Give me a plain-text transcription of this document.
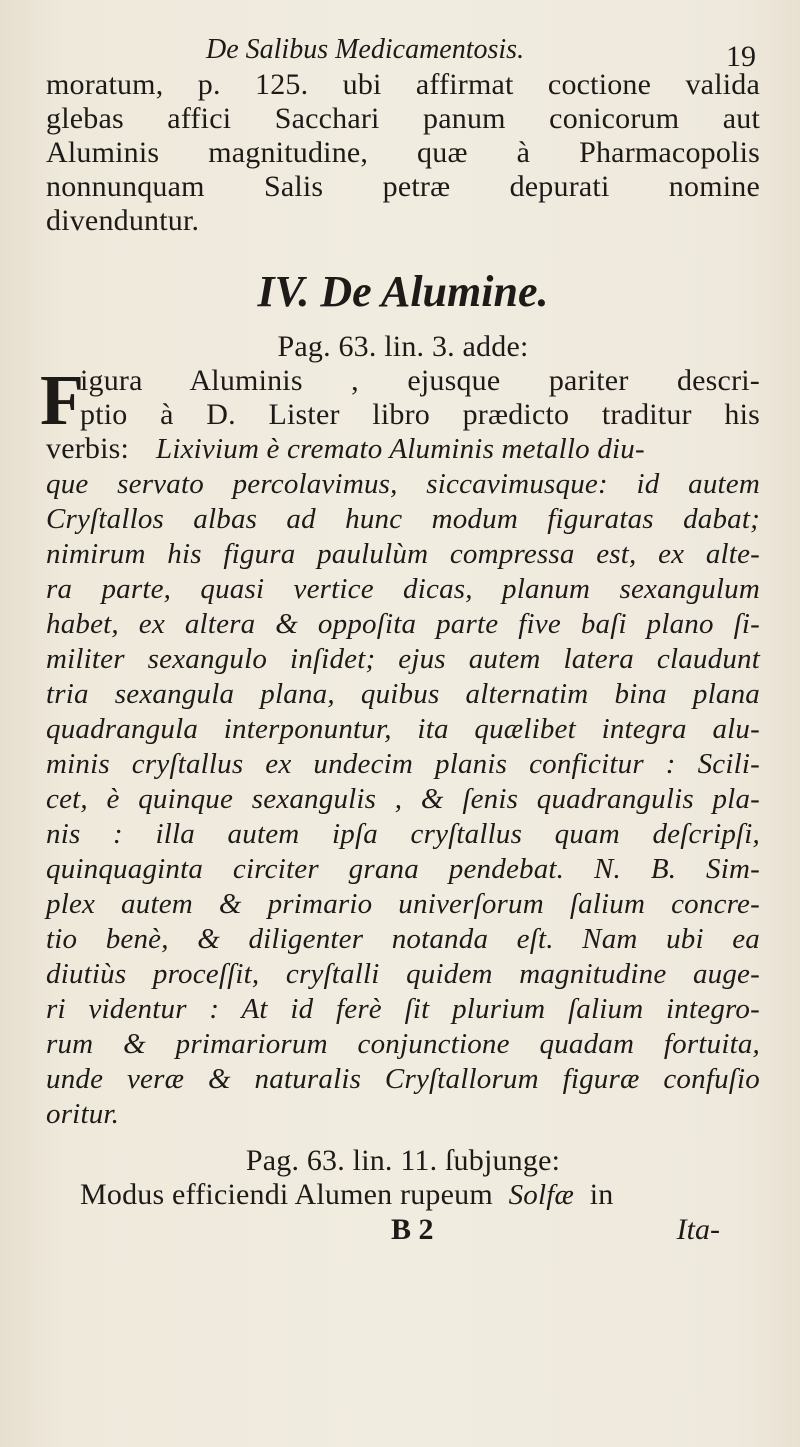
De Salibus Medicamentosis.	19
moratum, p. 125. ubi affirmat coctione valida
glebas affici Sacchari panum conicorum aut
Aluminis magnitudine, quæ à Pharmacopolis
nonnunquam Salis petræ depurati nomine
divenduntur.
IV. De Alumine.
Pag. 63. lin. 3. adde:
F
igura Aluminis , ejusque pariter descri-
ptio à D. Lister libro prædicto traditur his
verbis: Lixivium è cremato Aluminis metallo diu-
que servato percolavimus, siccavimusque: id autem
Cryſtallos albas ad hunc modum figuratas dabat;
nimirum his figura paululùm compressa est, ex alte-
ra parte, quasi vertice dicas, planum sexangulum
habet, ex altera & oppoſita parte five baſi plano ſi-
militer sexangulo inſidet; ejus autem latera claudunt
tria sexangula plana, quibus alternatim bina plana
quadrangula interponuntur, ita quælibet integra alu-
minis cryſtallus ex undecim planis conficitur : Scili-
cet, è quinque sexangulis , & ſenis quadrangulis pla-
nis : illa autem ipſa cryſtallus quam deſcripſi,
quinquaginta circiter grana pendebat. N. B. Sim-
plex autem & primario univerſorum ſalium concre-
tio benè, & diligenter notanda eſt. Nam ubi ea
diutiùs proceſſit, cryſtalli quidem magnitudine auge-
ri videntur : At id ferè ſit plurium ſalium integro-
rum & primariorum conjunctione quadam fortuita,
unde veræ & naturalis Cryſtallorum figuræ confuſio
oritur.
Pag. 63. lin. 11. ſubjunge:
Modus efficiendi Alumen rupeum Solfæ in
B 2	Ita-
